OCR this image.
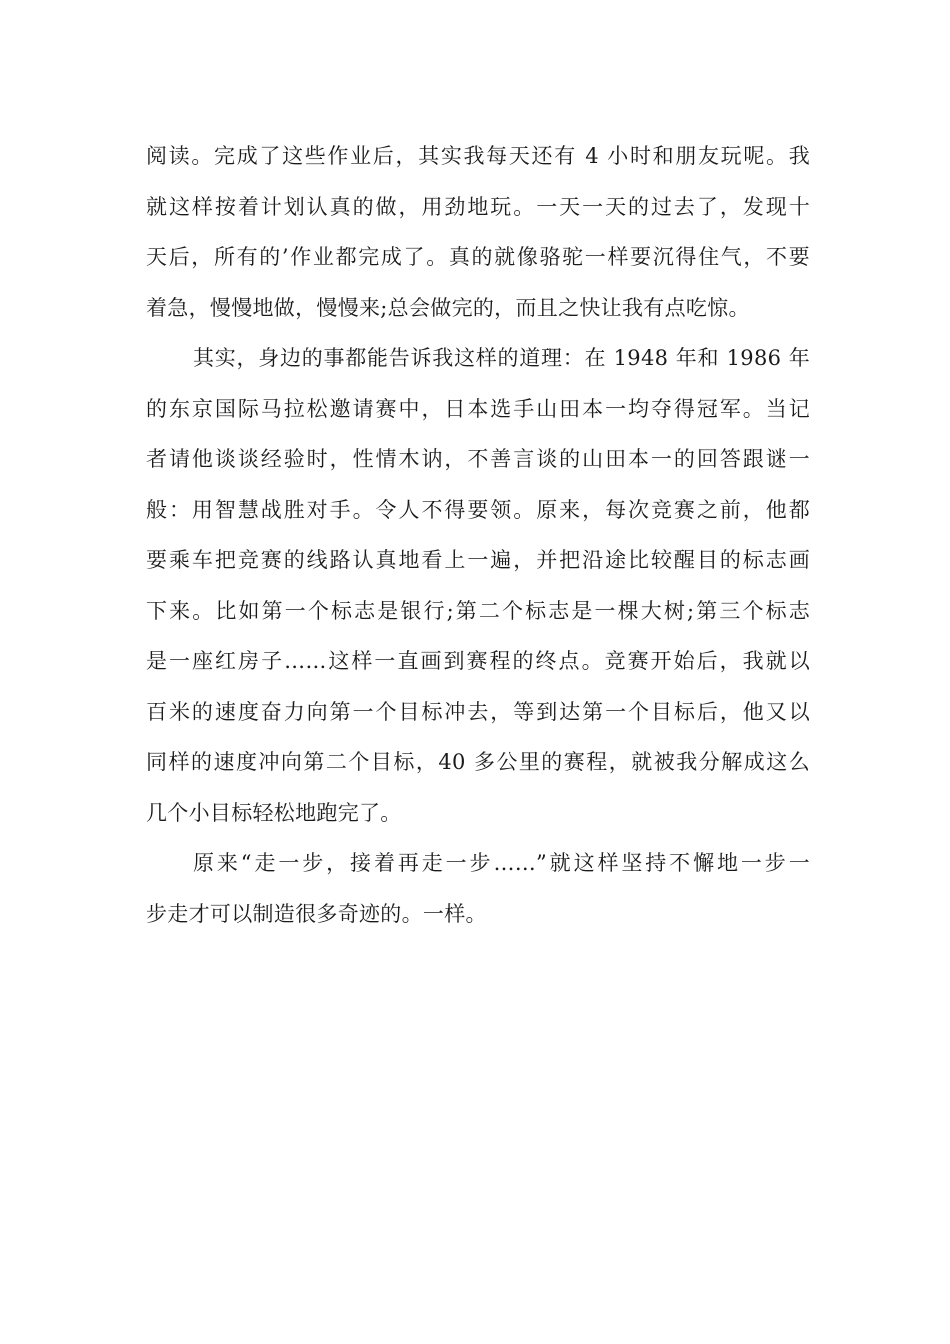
阅读。完成了这些作业后，其实我每天还有 4 小时和朋友玩呢。我
就这样按着计划认真的做，用劲地玩。一天一天的过去了，发现十
天后，所有的’作业都完成了。真的就像骆驼一样要沉得住气，不要
着急，慢慢地做，慢慢来;总会做完的，而且之快让我有点吃惊。
其实，身边的事都能告诉我这样的道理：在 1948 年和 1986 年
的东京国际马拉松邀请赛中，日本选手山田本一均夺得冠军。当记
者请他谈谈经验时，性情木讷，不善言谈的山田本一的回答跟谜一
般：用智慧战胜对手。令人不得要领。原来，每次竞赛之前，他都
要乘车把竞赛的线路认真地看上一遍，并把沿途比较醒目的标志画
下来。比如第一个标志是银行;第二个标志是一棵大树;第三个标志
是一座红房子……这样一直画到赛程的终点。竞赛开始后，我就以
百米的速度奋力向第一个目标冲去，等到达第一个目标后，他又以
同样的速度冲向第二个目标，40 多公里的赛程，就被我分解成这么
几个小目标轻松地跑完了。
原来“走一步，接着再走一步……”就这样坚持不懈地一步一
步走才可以制造很多奇迹的。一样。
